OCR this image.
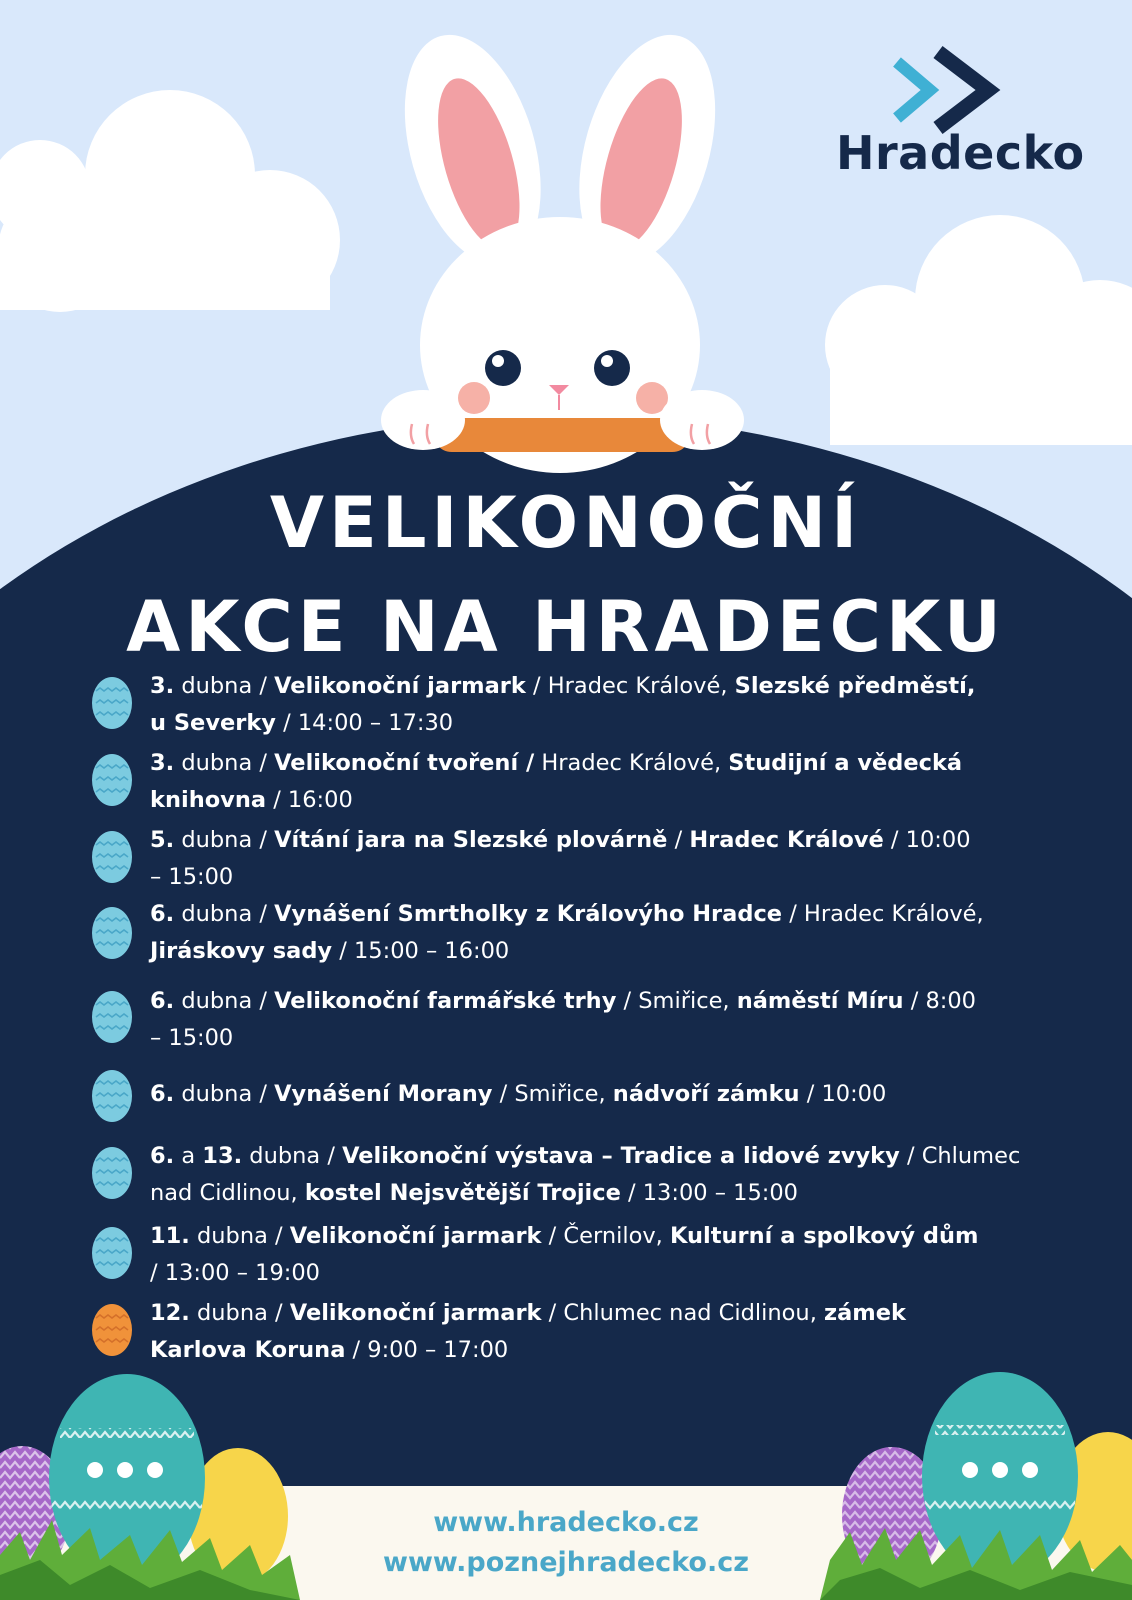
Hradecko
VELIKONOČNÍ
AKCE NA HRADECKU
3. dubna / Velikonoční jarmark / Hradec Králové, Slezské předměstí,
u Severky / 14:00 – 17:30
3. dubna / Velikonoční tvoření / Hradec Králové, Studijní a vědecká
knihovna / 16:00
5. dubna / Vítání jara na Slezské plovárně / Hradec Králové / 10:00
– 15:00
6. dubna / Vynášení Smrtholky z Královýho Hradce / Hradec Králové,
Jiráskovy sady / 15:00 – 16:00
6. dubna / Velikonoční farmářské trhy / Smiřice, náměstí Míru / 8:00
– 15:00
6. dubna / Vynášení Morany / Smiřice, nádvoří zámku / 10:00
6. a 13. dubna / Velikonoční výstava – Tradice a lidové zvyky / Chlumec
nad Cidlinou, kostel Nejsvětější Trojice / 13:00 – 15:00
11. dubna / Velikonoční jarmark / Černilov, Kulturní a spolkový dům
/ 13:00 – 19:00
12. dubna / Velikonoční jarmark / Chlumec nad Cidlinou, zámek
Karlova Koruna / 9:00 – 17:00
www.hradecko.cz
www.poznejhradecko.cz
